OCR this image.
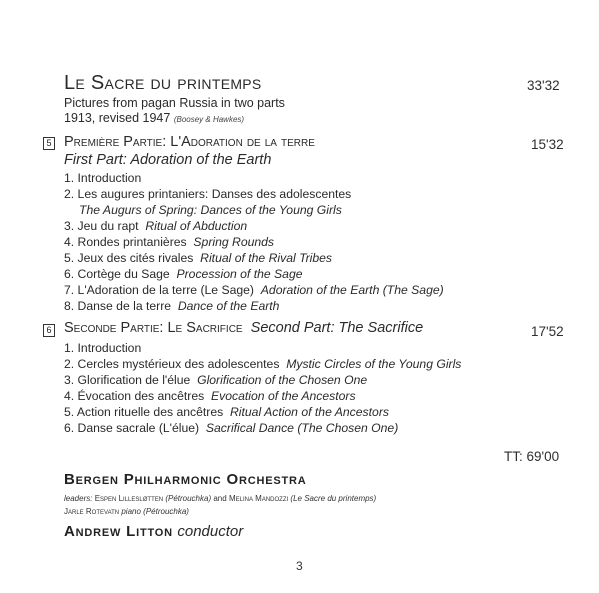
Le Sacre du printemps	33'32
Pictures from pagan Russia in two parts
1913, revised 1947 (Boosey & Hawkes)
5 Première Partie: L'Adoration de la terre	15'32
First Part: Adoration of the Earth
1. Introduction
2. Les augures printaniers: Danses des adolescentes
The Augurs of Spring: Dances of the Young Girls
3. Jeu du rapt Ritual of Abduction
4. Rondes printanières Spring Rounds
5. Jeux des cités rivales Ritual of the Rival Tribes
6. Cortège du Sage Procession of the Sage
7. L'Adoration de la terre (Le Sage) Adoration of the Earth (The Sage)
8. Danse de la terre Dance of the Earth
6 Seconde Partie: Le Sacrifice Second Part: The Sacrifice	17'52
1. Introduction
2. Cercles mystérieux des adolescentes Mystic Circles of the Young Girls
3. Glorification de l'élue Glorification of the Chosen One
4. Évocation des ancêtres Evocation of the Ancestors
5. Action rituelle des ancêtres Ritual Action of the Ancestors
6. Danse sacrale (L'élue) Sacrifical Dance (The Chosen One)
TT: 69'00
Bergen Philharmonic Orchestra
leaders: Espen Lillesløtten (Pétrouchka) and Melina Mandozzi (Le Sacre du printemps)
Jarle Rotevatn piano (Pétrouchka)
Andrew Litton conductor
3
